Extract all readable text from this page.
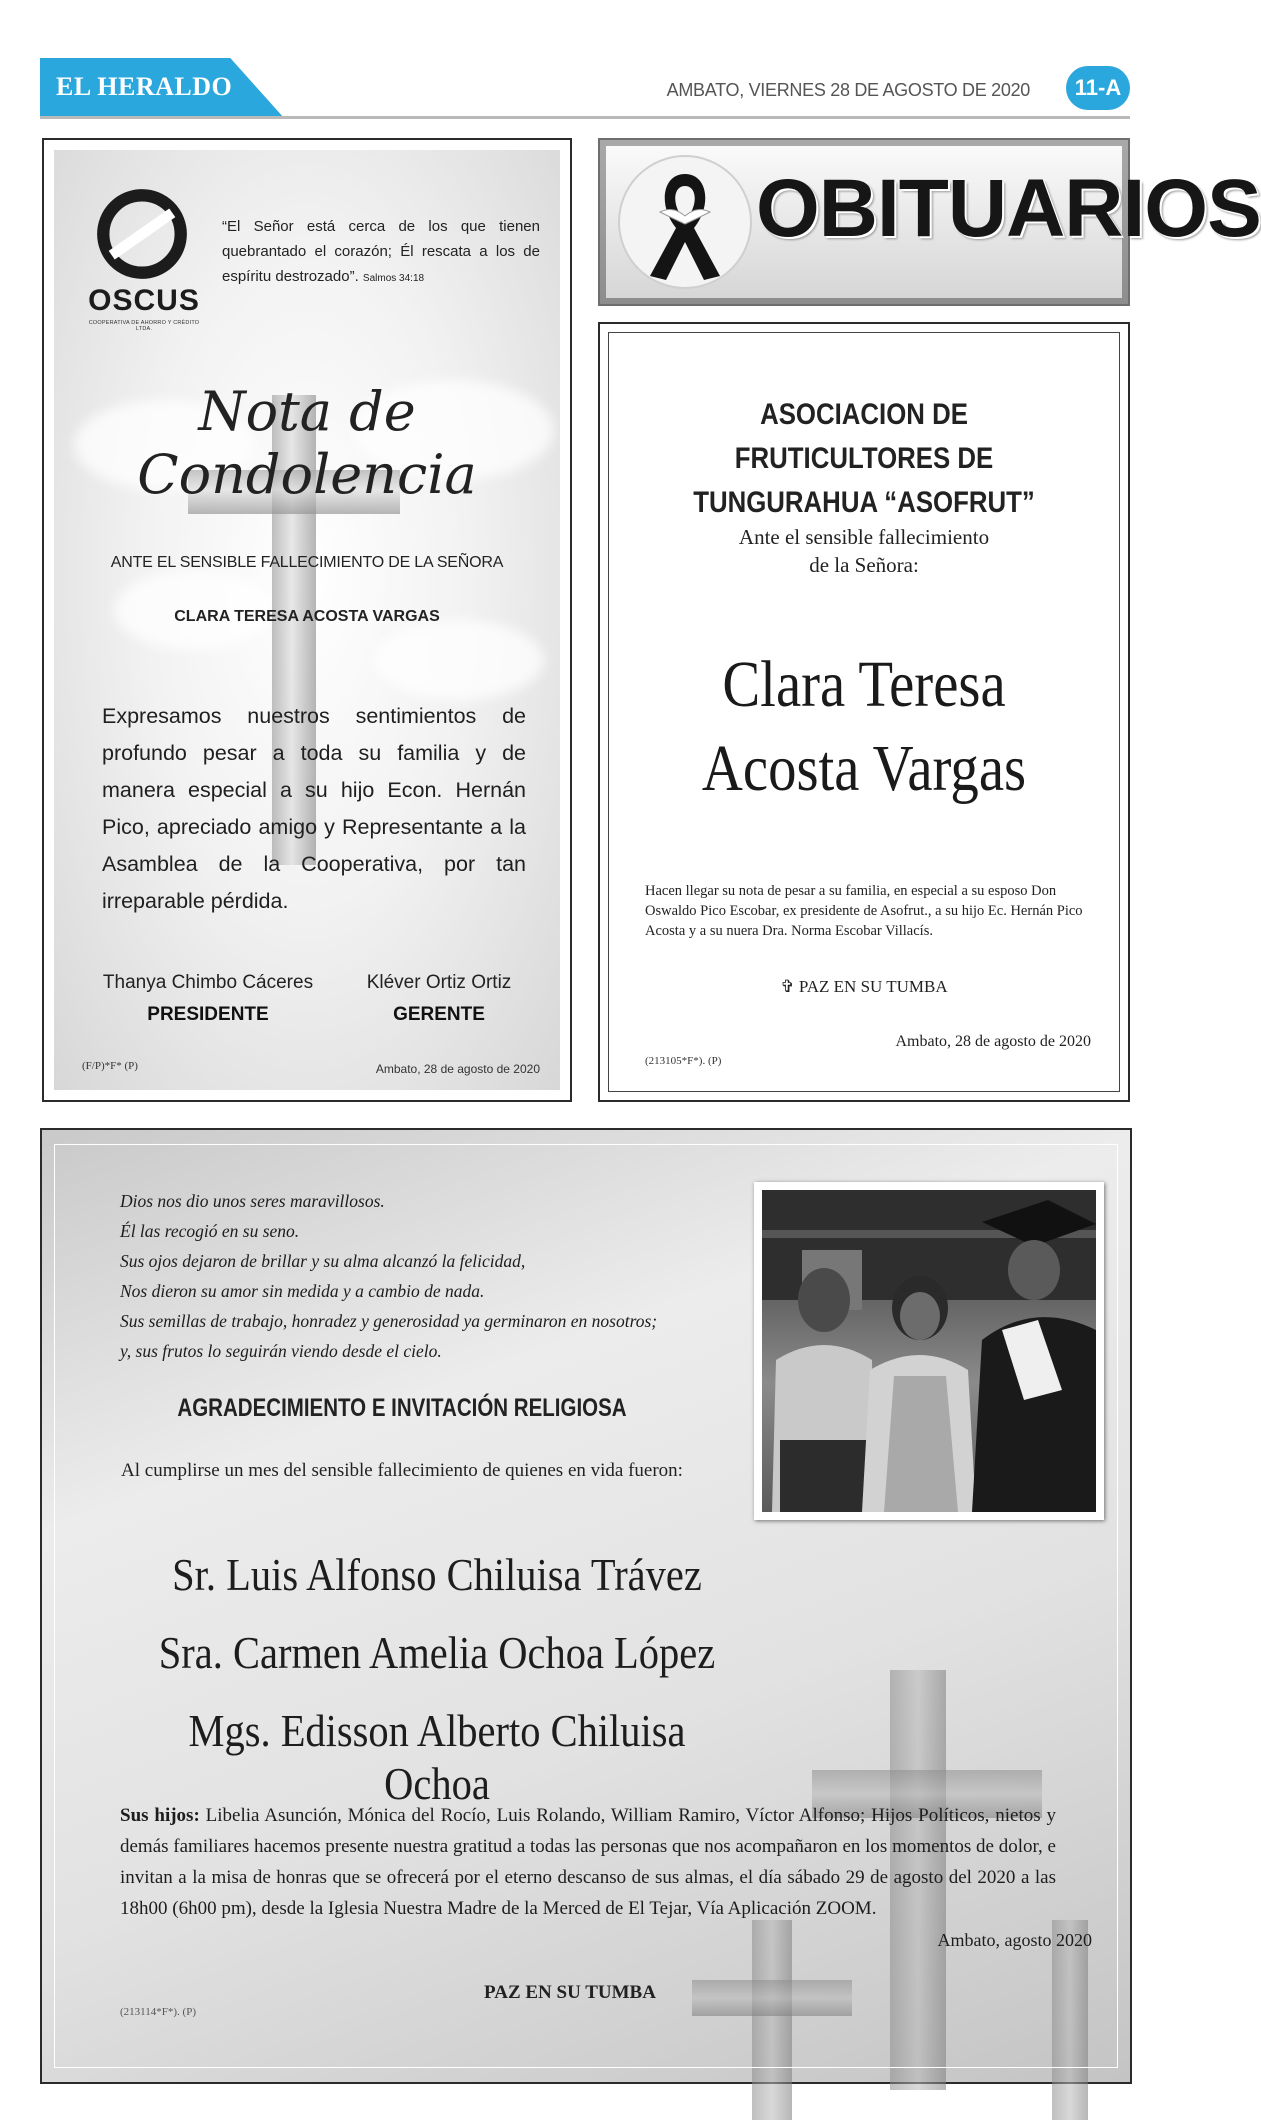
EL HERALDO	AMBATO, VIERNES 28 DE AGOSTO DE 2020	11-A
OSCUS
COOPERATIVA DE AHORRO Y CRÉDITO LTDA.
“El Señor está cerca de los que tienen quebrantado el corazón; Él rescata a los de espíritu destrozado”. Salmos 34:18
Nota de Condolencia
ANTE EL SENSIBLE FALLECIMIENTO DE LA SEÑORA
CLARA TERESA ACOSTA VARGAS
Expresamos nuestros sentimientos de profundo pesar a toda su familia y de manera especial a su hijo Econ. Hernán Pico, apreciado amigo y Representante a la Asamblea de la Cooperativa, por tan irreparable pérdida.
Thanya Chimbo Cáceres
PRESIDENTE
Kléver Ortiz Ortiz
GERENTE
(F/P)*F* (P)	Ambato, 28 de agosto de 2020
OBITUARIOS
ASOCIACION DE FRUTICULTORES DE TUNGURAHUA “ASOFRUT”
Ante el sensible fallecimiento
de la Señora:
Clara Teresa
Acosta Vargas
Hacen llegar su nota de pesar a su familia, en especial a su esposo Don Oswaldo Pico Escobar, ex presidente de Asofrut., a su hijo Ec. Hernán Pico Acosta y a su nuera Dra. Norma Escobar Villacís.
✞ PAZ EN SU TUMBA
Ambato, 28 de agosto de 2020
(213105*F*). (P)
Dios nos dio unos seres maravillosos.
Él las recogió en su seno.
Sus ojos dejaron de brillar y su alma alcanzó la felicidad,
Nos dieron su amor sin medida y a cambio de nada.
Sus semillas de trabajo, honradez y generosidad ya germinaron en nosotros;
y, sus frutos lo seguirán viendo desde el cielo.
AGRADECIMIENTO E INVITACIÓN RELIGIOSA
Al cumplirse un mes del sensible fallecimiento de quienes en vida fueron:
Sr. Luis Alfonso Chiluisa Trávez
Sra. Carmen Amelia Ochoa López
Mgs. Edisson Alberto Chiluisa Ochoa
Sus hijos: Libelia Asunción, Mónica del Rocío, Luis Rolando, William Ramiro, Víctor Alfonso; Hijos Políticos, nietos y demás familiares hacemos presente nuestra gratitud a todas las personas que nos acompañaron en los momentos de dolor, e invitan a la misa de honras que se ofrecerá por el eterno descanso de sus almas, el día sábado 29 de agosto del 2020 a las 18h00 (6h00 pm), desde la Iglesia Nuestra Madre de la Merced de El Tejar, Vía Aplicación ZOOM.
Ambato, agosto 2020
PAZ EN SU TUMBA
(213114*F*). (P)
